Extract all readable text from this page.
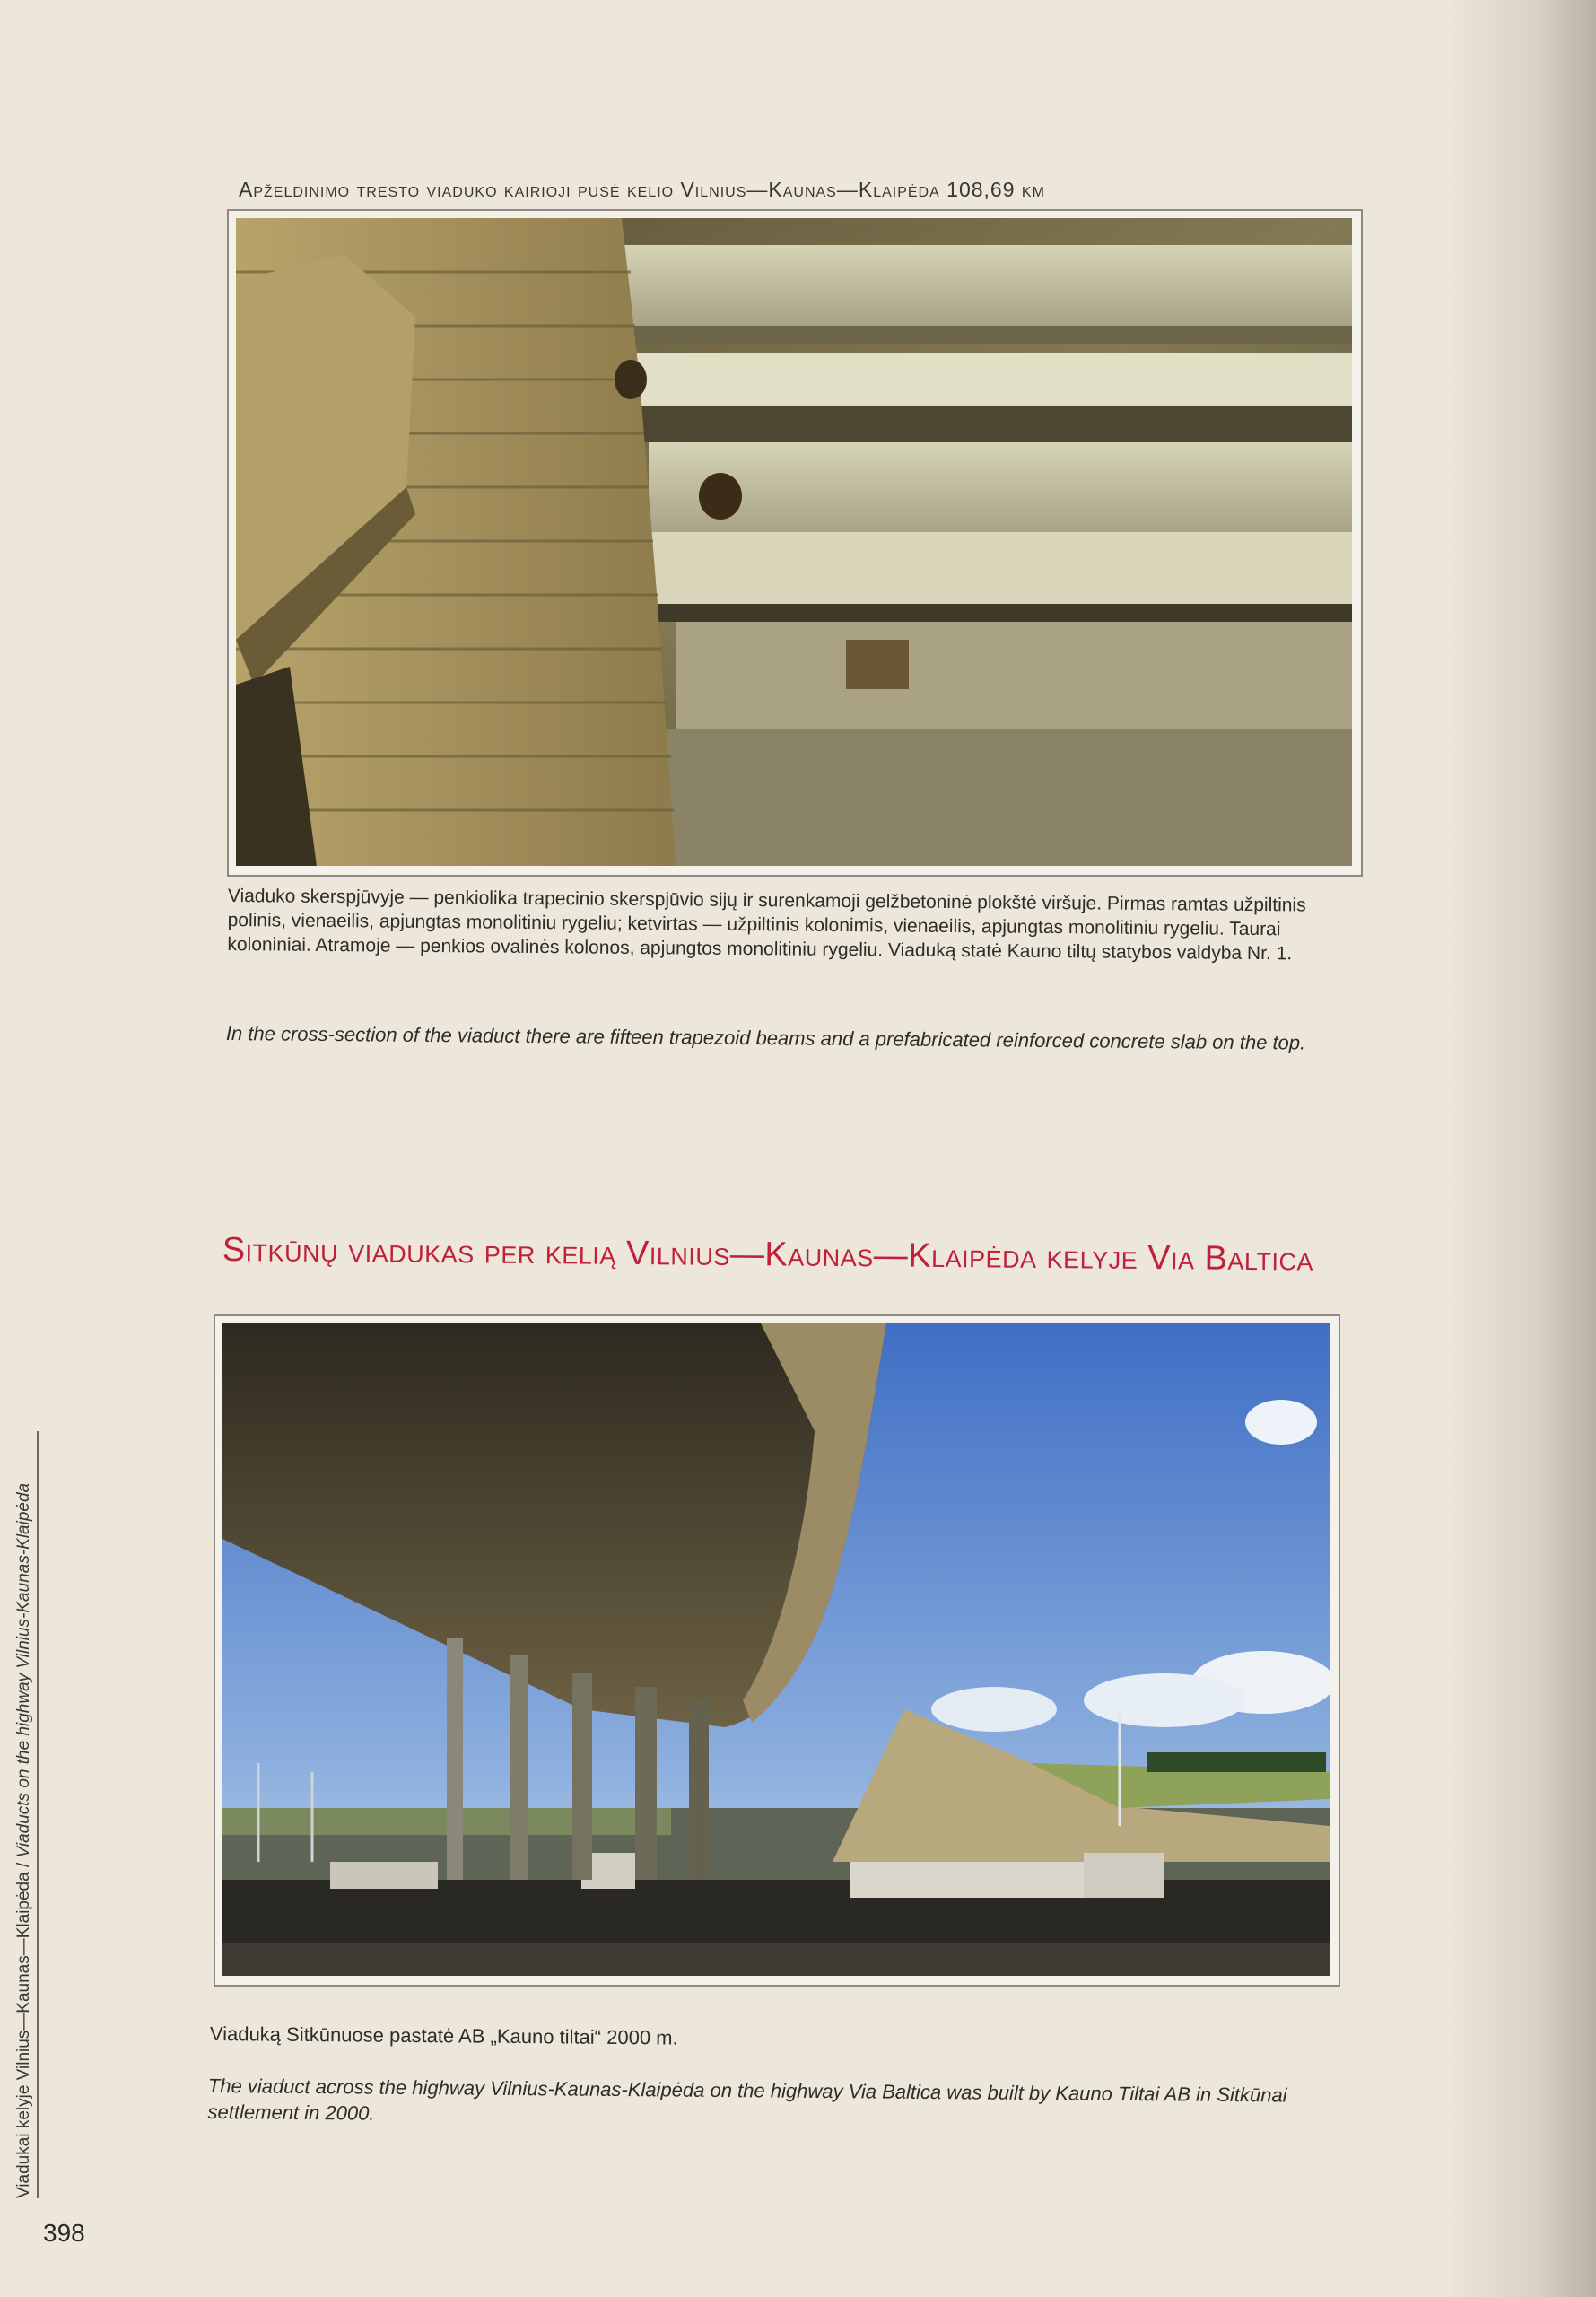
Apželdinimo tresto viaduko kairioji pusė kelio Vilnius—Kaunas—Klaipėda 108,69 km
Viaduko skerspjūvyje — penkiolika trapecinio skerspjūvio sijų ir surenkamoji gelžbetoninė plokštė viršuje. Pirmas ramtas užpiltinis polinis, vienaeilis, apjungtas monolitiniu rygeliu; ketvirtas — užpiltinis kolonimis, vienaeilis, apjungtas monolitiniu rygeliu. Taurai koloniniai. Atramoje — penkios ovalinės kolonos, apjungtos monolitiniu rygeliu. Viaduką statė Kauno tiltų statybos valdyba Nr. 1.
In the cross-section of the viaduct there are fifteen trapezoid beams and a prefabricated reinforced concrete slab on the top.
Sitkūnų viadukas per kelią Vilnius—Kaunas—Klaipėda kelyje Via Baltica
Viaduką Sitkūnuose pastatė AB „Kauno tiltai“ 2000 m.
The viaduct across the highway Vilnius-Kaunas-Klaipėda on the highway Via Baltica was built by Kauno Tiltai AB in Sitkūnai settlement in 2000.
Viadukai kelyje Vilnius—Kaunas—Klaipėda / Viaducts on the highway Vilnius-Kaunas-Klaipėda
398
